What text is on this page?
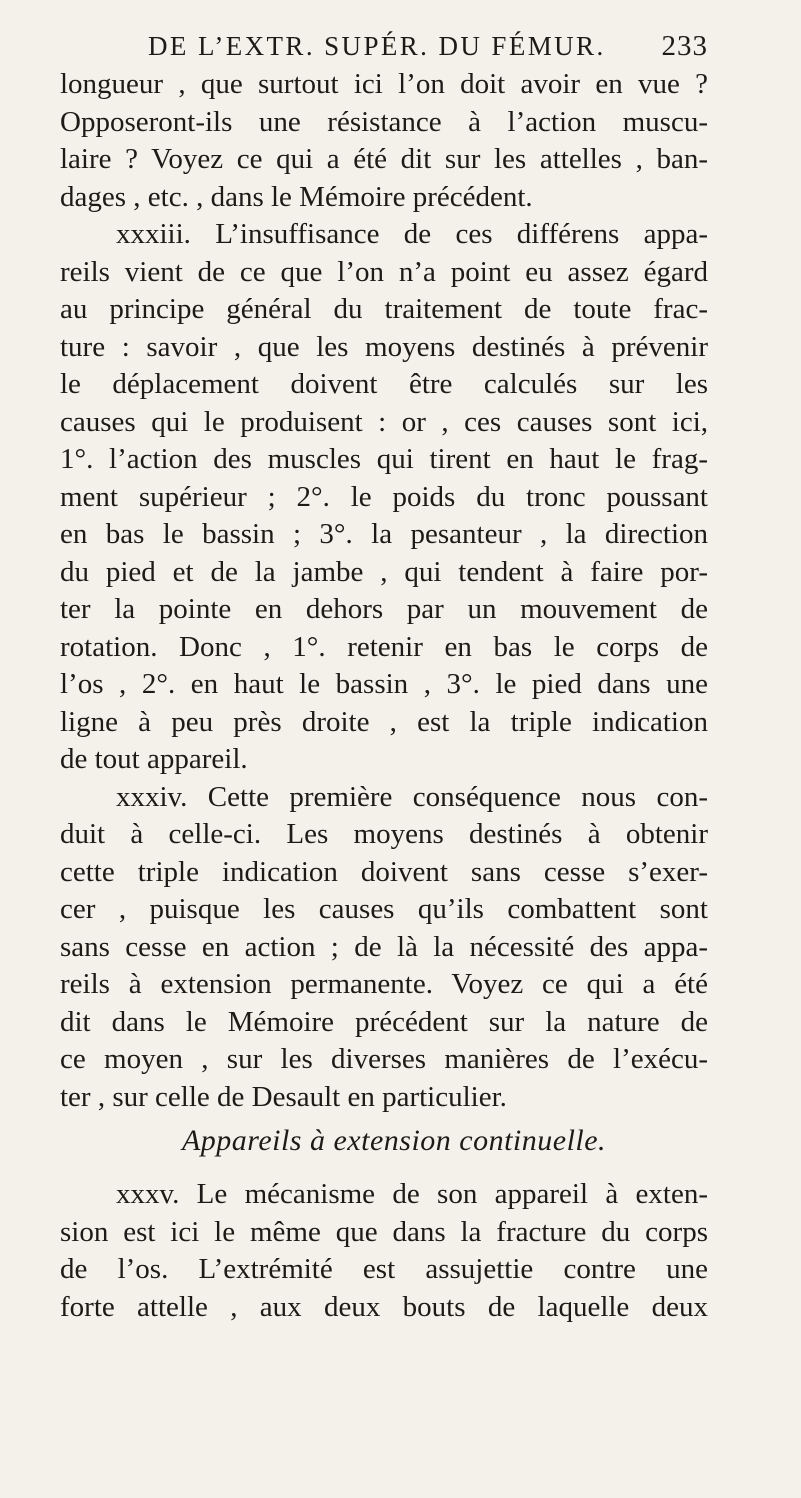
DE L’EXTR. SUPÉR. DU FÉMUR. 233
longueur , que surtout ici l’on doit avoir en vue ?
Opposeront-ils une résistance à l’action muscu-
laire ? Voyez ce qui a été dit sur les attelles , ban-
dages , etc. , dans le Mémoire précédent.
xxxiii. L’insuffisance de ces différens appa-
reils vient de ce que l’on n’a point eu assez égard
au principe général du traitement de toute frac-
ture : savoir , que les moyens destinés à prévenir
le déplacement doivent être calculés sur les
causes qui le produisent : or , ces causes sont ici,
1°. l’action des muscles qui tirent en haut le frag-
ment supérieur ; 2°. le poids du tronc poussant
en bas le bassin ; 3°. la pesanteur , la direction
du pied et de la jambe , qui tendent à faire por-
ter la pointe en dehors par un mouvement de
rotation. Donc , 1°. retenir en bas le corps de
l’os , 2°. en haut le bassin , 3°. le pied dans une
ligne à peu près droite , est la triple indication
de tout appareil.
xxxiv. Cette première conséquence nous con-
duit à celle-ci. Les moyens destinés à obtenir
cette triple indication doivent sans cesse s’exer-
cer , puisque les causes qu’ils combattent sont
sans cesse en action ; de là la nécessité des appa-
reils à extension permanente. Voyez ce qui a été
dit dans le Mémoire précédent sur la nature de
ce moyen , sur les diverses manières de l’exécu-
ter , sur celle de Desault en particulier.
Appareils à extension continuelle.
xxxv. Le mécanisme de son appareil à exten-
sion est ici le même que dans la fracture du corps
de l’os. L’extrémité est assujettie contre une
forte attelle , aux deux bouts de laquelle deux
